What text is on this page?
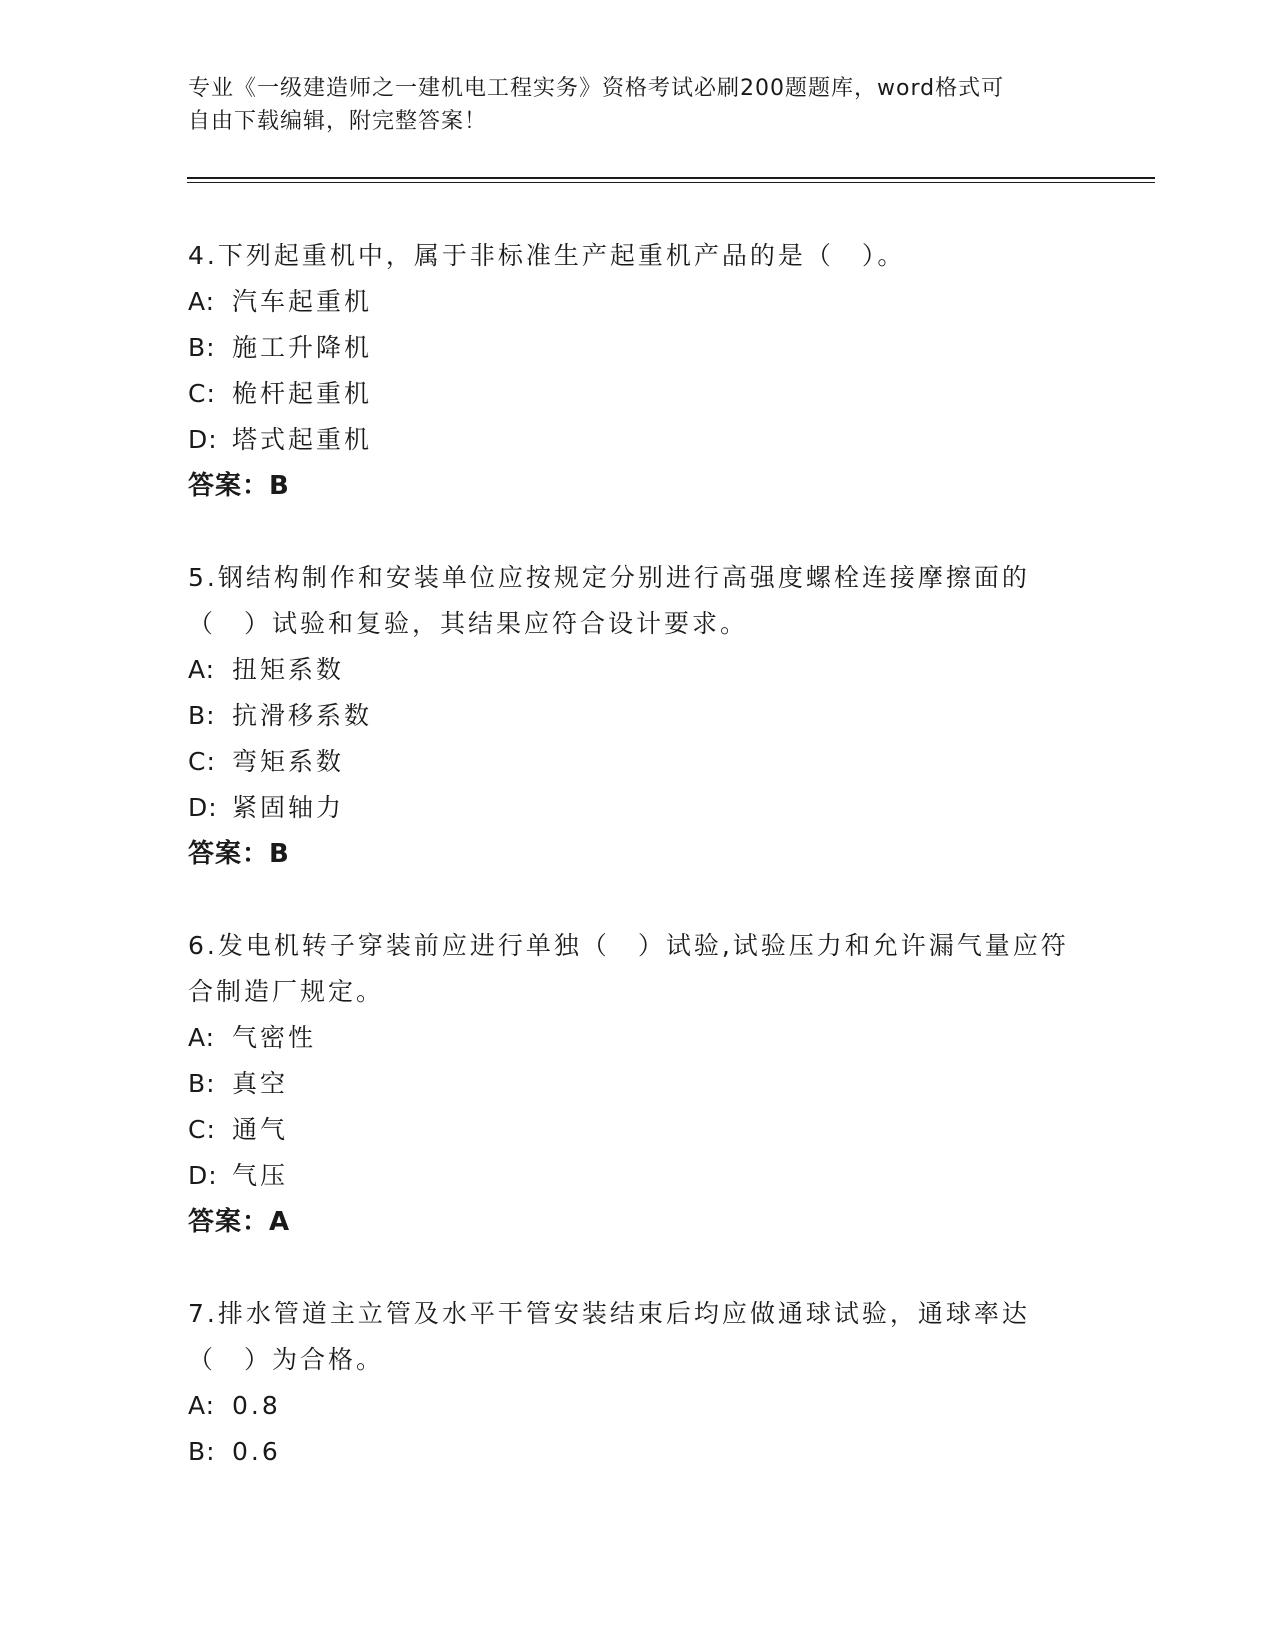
专业《一级建造师之一建机电工程实务》资格考试必刷200题题库，word格式可
自由下载编辑，附完整答案！
4.下列起重机中，属于非标准生产起重机产品的是（　）。
A: 汽车起重机
B: 施工升降机
C: 桅杆起重机
D: 塔式起重机
答案：B
5.钢结构制作和安装单位应按规定分别进行高强度螺栓连接摩擦面的（　）试验和复验，其结果应符合设计要求。
A: 扭矩系数
B: 抗滑移系数
C: 弯矩系数
D: 紧固轴力
答案：B
6.发电机转子穿装前应进行单独（　）试验,试验压力和允许漏气量应符合制造厂规定。
A: 气密性
B: 真空
C: 通气
D: 气压
答案：A
7.排水管道主立管及水平干管安装结束后均应做通球试验，通球率达（　）为合格。
A: 0.8
B: 0.6
